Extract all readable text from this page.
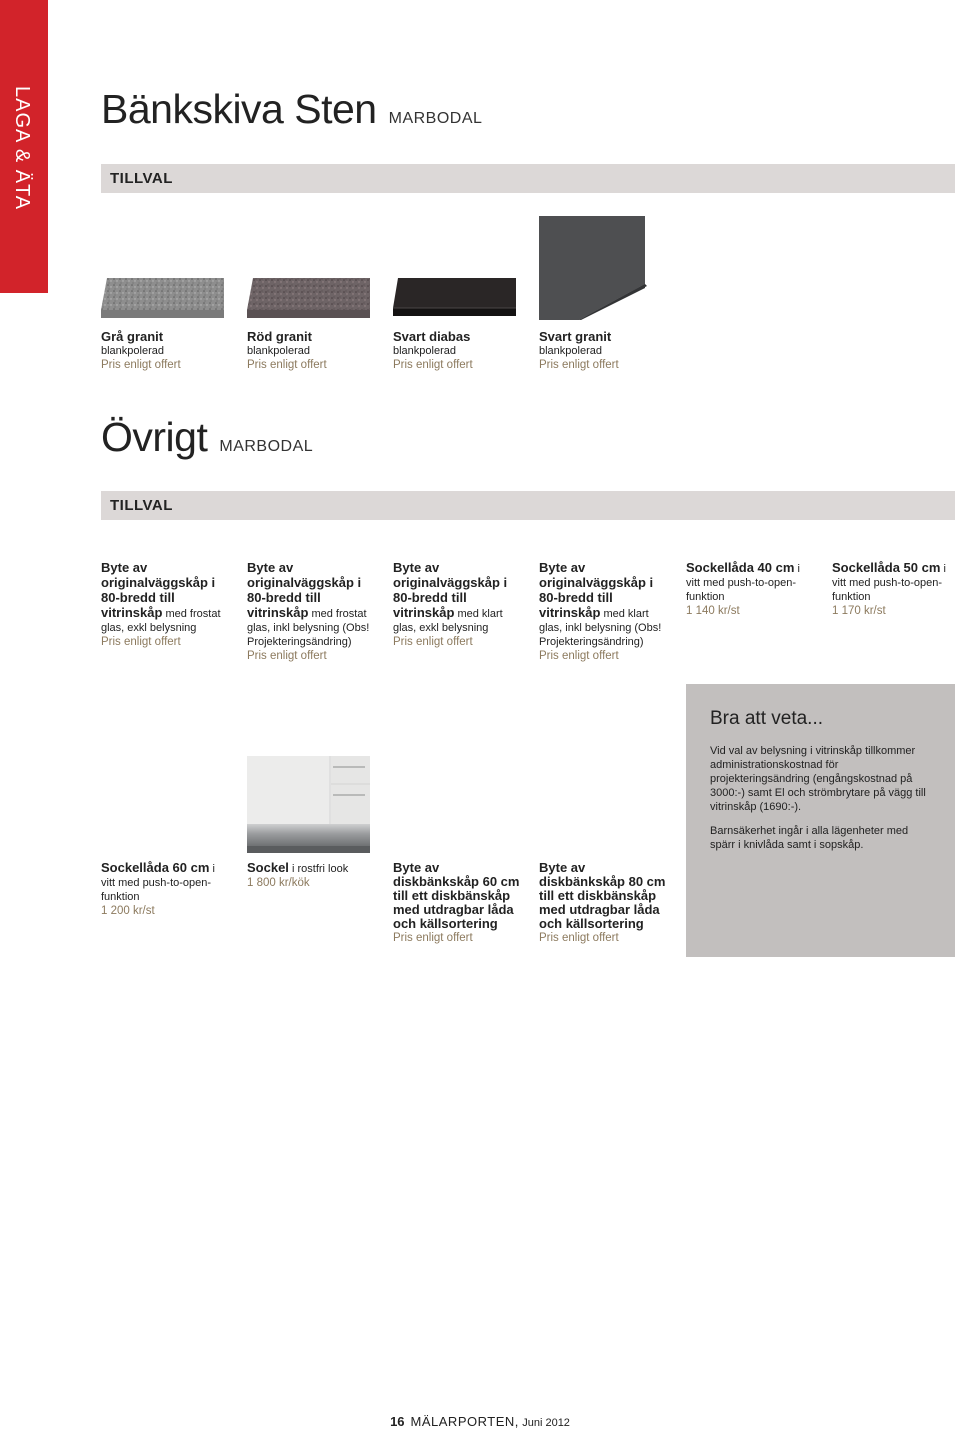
LAGA & ÄTA Bänkskiva Sten MARBODAL
TILLVAL
Grå granit
blankpolerad
Pris enligt offert
Röd granit
blankpolerad
Pris enligt offert
Svart diabas
blankpolerad
Pris enligt offert
Svart granit
blankpolerad
Pris enligt offert
Övrigt MARBODAL
TILLVAL
Byte av originalväggskåp i 80-bredd till vitrinskåp med frostat glas, exkl belysning
Pris enligt offert
Byte av originalväggskåp i 80-bredd till vitrinskåp med frostat glas, inkl belysning (Obs! Projekteringsändring)
Pris enligt offert
Byte av originalväggskåp i 80-bredd till vitrinskåp med klart glas, exkl belysning
Pris enligt offert
Byte av originalväggskåp i 80-bredd till vitrinskåp med klart glas, inkl belysning (Obs! Projekteringsändring)
Pris enligt offert
Sockellåda 40 cm i vitt med push-to-open-funktion
1 140 kr/st
Sockellåda 50 cm i vitt med push-to-open-funktion
1 170 kr/st
Sockellåda 60 cm i vitt med push-to-open-funktion
1 200 kr/st
Sockel i rostfri look
1 800 kr/kök
Byte av diskbänkskåp 60 cm till ett diskbänskåp med utdragbar låda och källsortering
Pris enligt offert
Byte av diskbänkskåp 80 cm till ett diskbänskåp med utdragbar låda och källsortering
Pris enligt offert
Bra att veta...

Vid val av belysning i vitrinskåp tillkommer administrationskostnad för projekteringsändring (engångskostnad på 3000:-) samt El och strömbrytare på vägg till vitrinskåp (1690:-).

Barnsäkerhet ingår i alla lägenheter med spärr i knivlåda samt i sopskåp.

16 MÄLARPORTEN, Juni 2012
